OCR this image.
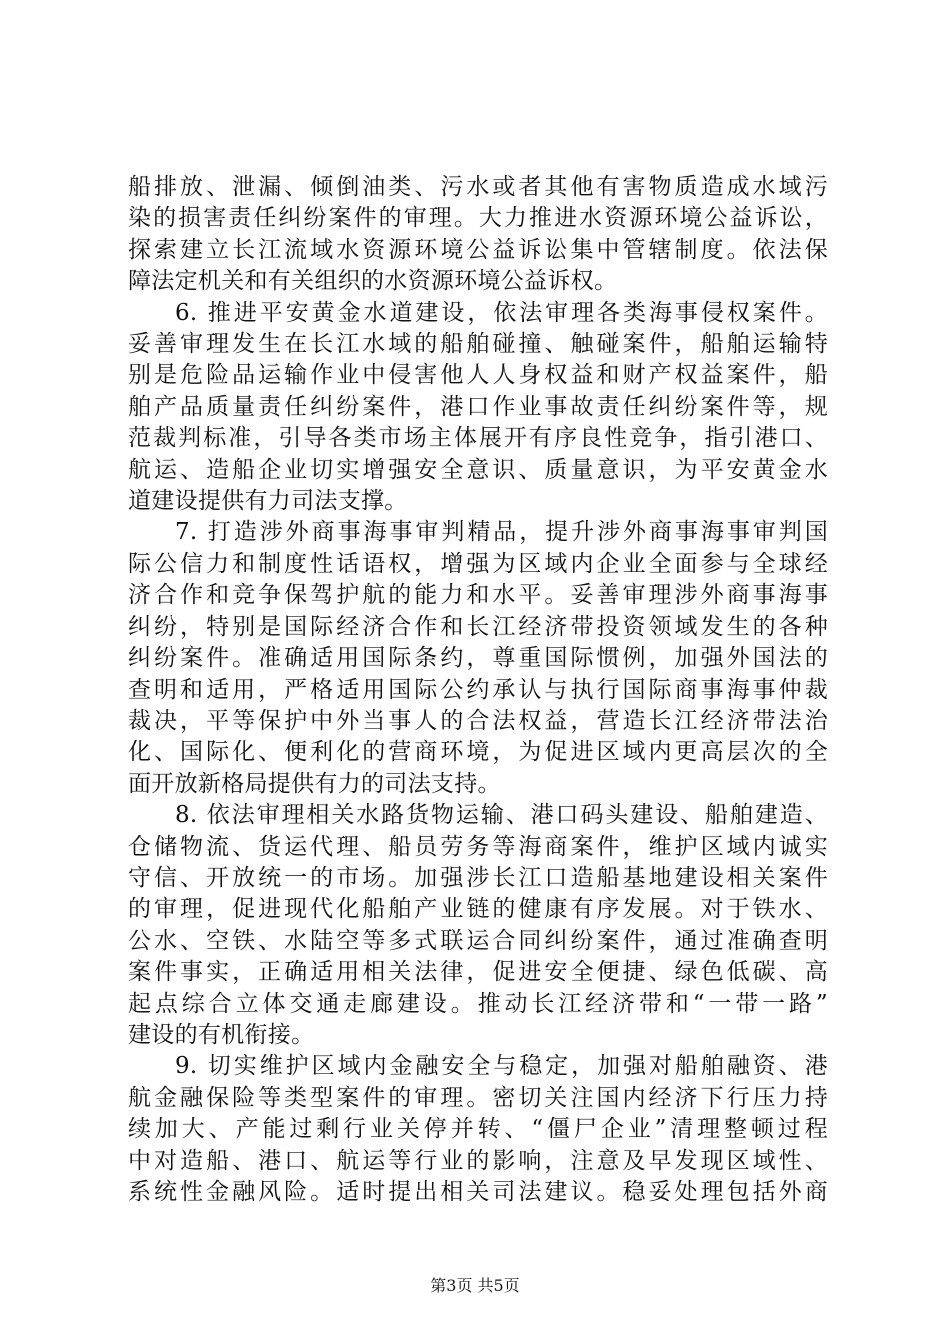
船排放、泄漏、倾倒油类、污水或者其他有害物质造成水域污
染的损害责任纠纷案件的审理。大力推进水资源环境公益诉讼，
探索建立长江流域水资源环境公益诉讼集中管辖制度。依法保
障法定机关和有关组织的水资源环境公益诉权。
6. 推进平安黄金水道建设，依法审理各类海事侵权案件。
妥善审理发生在长江水域的船舶碰撞、触碰案件，船舶运输特
别是危险品运输作业中侵害他人人身权益和财产权益案件，船
舶产品质量责任纠纷案件，港口作业事故责任纠纷案件等，规
范裁判标准，引导各类市场主体展开有序良性竞争，指引港口、
航运、造船企业切实增强安全意识、质量意识，为平安黄金水
道建设提供有力司法支撑。
7. 打造涉外商事海事审判精品，提升涉外商事海事审判国
际公信力和制度性话语权，增强为区域内企业全面参与全球经
济合作和竞争保驾护航的能力和水平。妥善审理涉外商事海事
纠纷，特别是国际经济合作和长江经济带投资领域发生的各种
纠纷案件。准确适用国际条约，尊重国际惯例，加强外国法的
查明和适用，严格适用国际公约承认与执行国际商事海事仲裁
裁决，平等保护中外当事人的合法权益，营造长江经济带法治
化、国际化、便利化的营商环境，为促进区域内更高层次的全
面开放新格局提供有力的司法支持。
8. 依法审理相关水路货物运输、港口码头建设、船舶建造、
仓储物流、货运代理、船员劳务等海商案件，维护区域内诚实
守信、开放统一的市场。加强涉长江口造船基地建设相关案件
的审理，促进现代化船舶产业链的健康有序发展。对于铁水、
公水、空铁、水陆空等多式联运合同纠纷案件，通过准确查明
案件事实，正确适用相关法律，促进安全便捷、绿色低碳、高
起点综合立体交通走廊建设。推动长江经济带和“一带一路”
建设的有机衔接。
9. 切实维护区域内金融安全与稳定，加强对船舶融资、港
航金融保险等类型案件的审理。密切关注国内经济下行压力持
续加大、产能过剩行业关停并转、“僵尸企业”清理整顿过程
中对造船、港口、航运等行业的影响，注意及早发现区域性、
系统性金融风险。适时提出相关司法建议。稳妥处理包括外商
第3页 共5页
